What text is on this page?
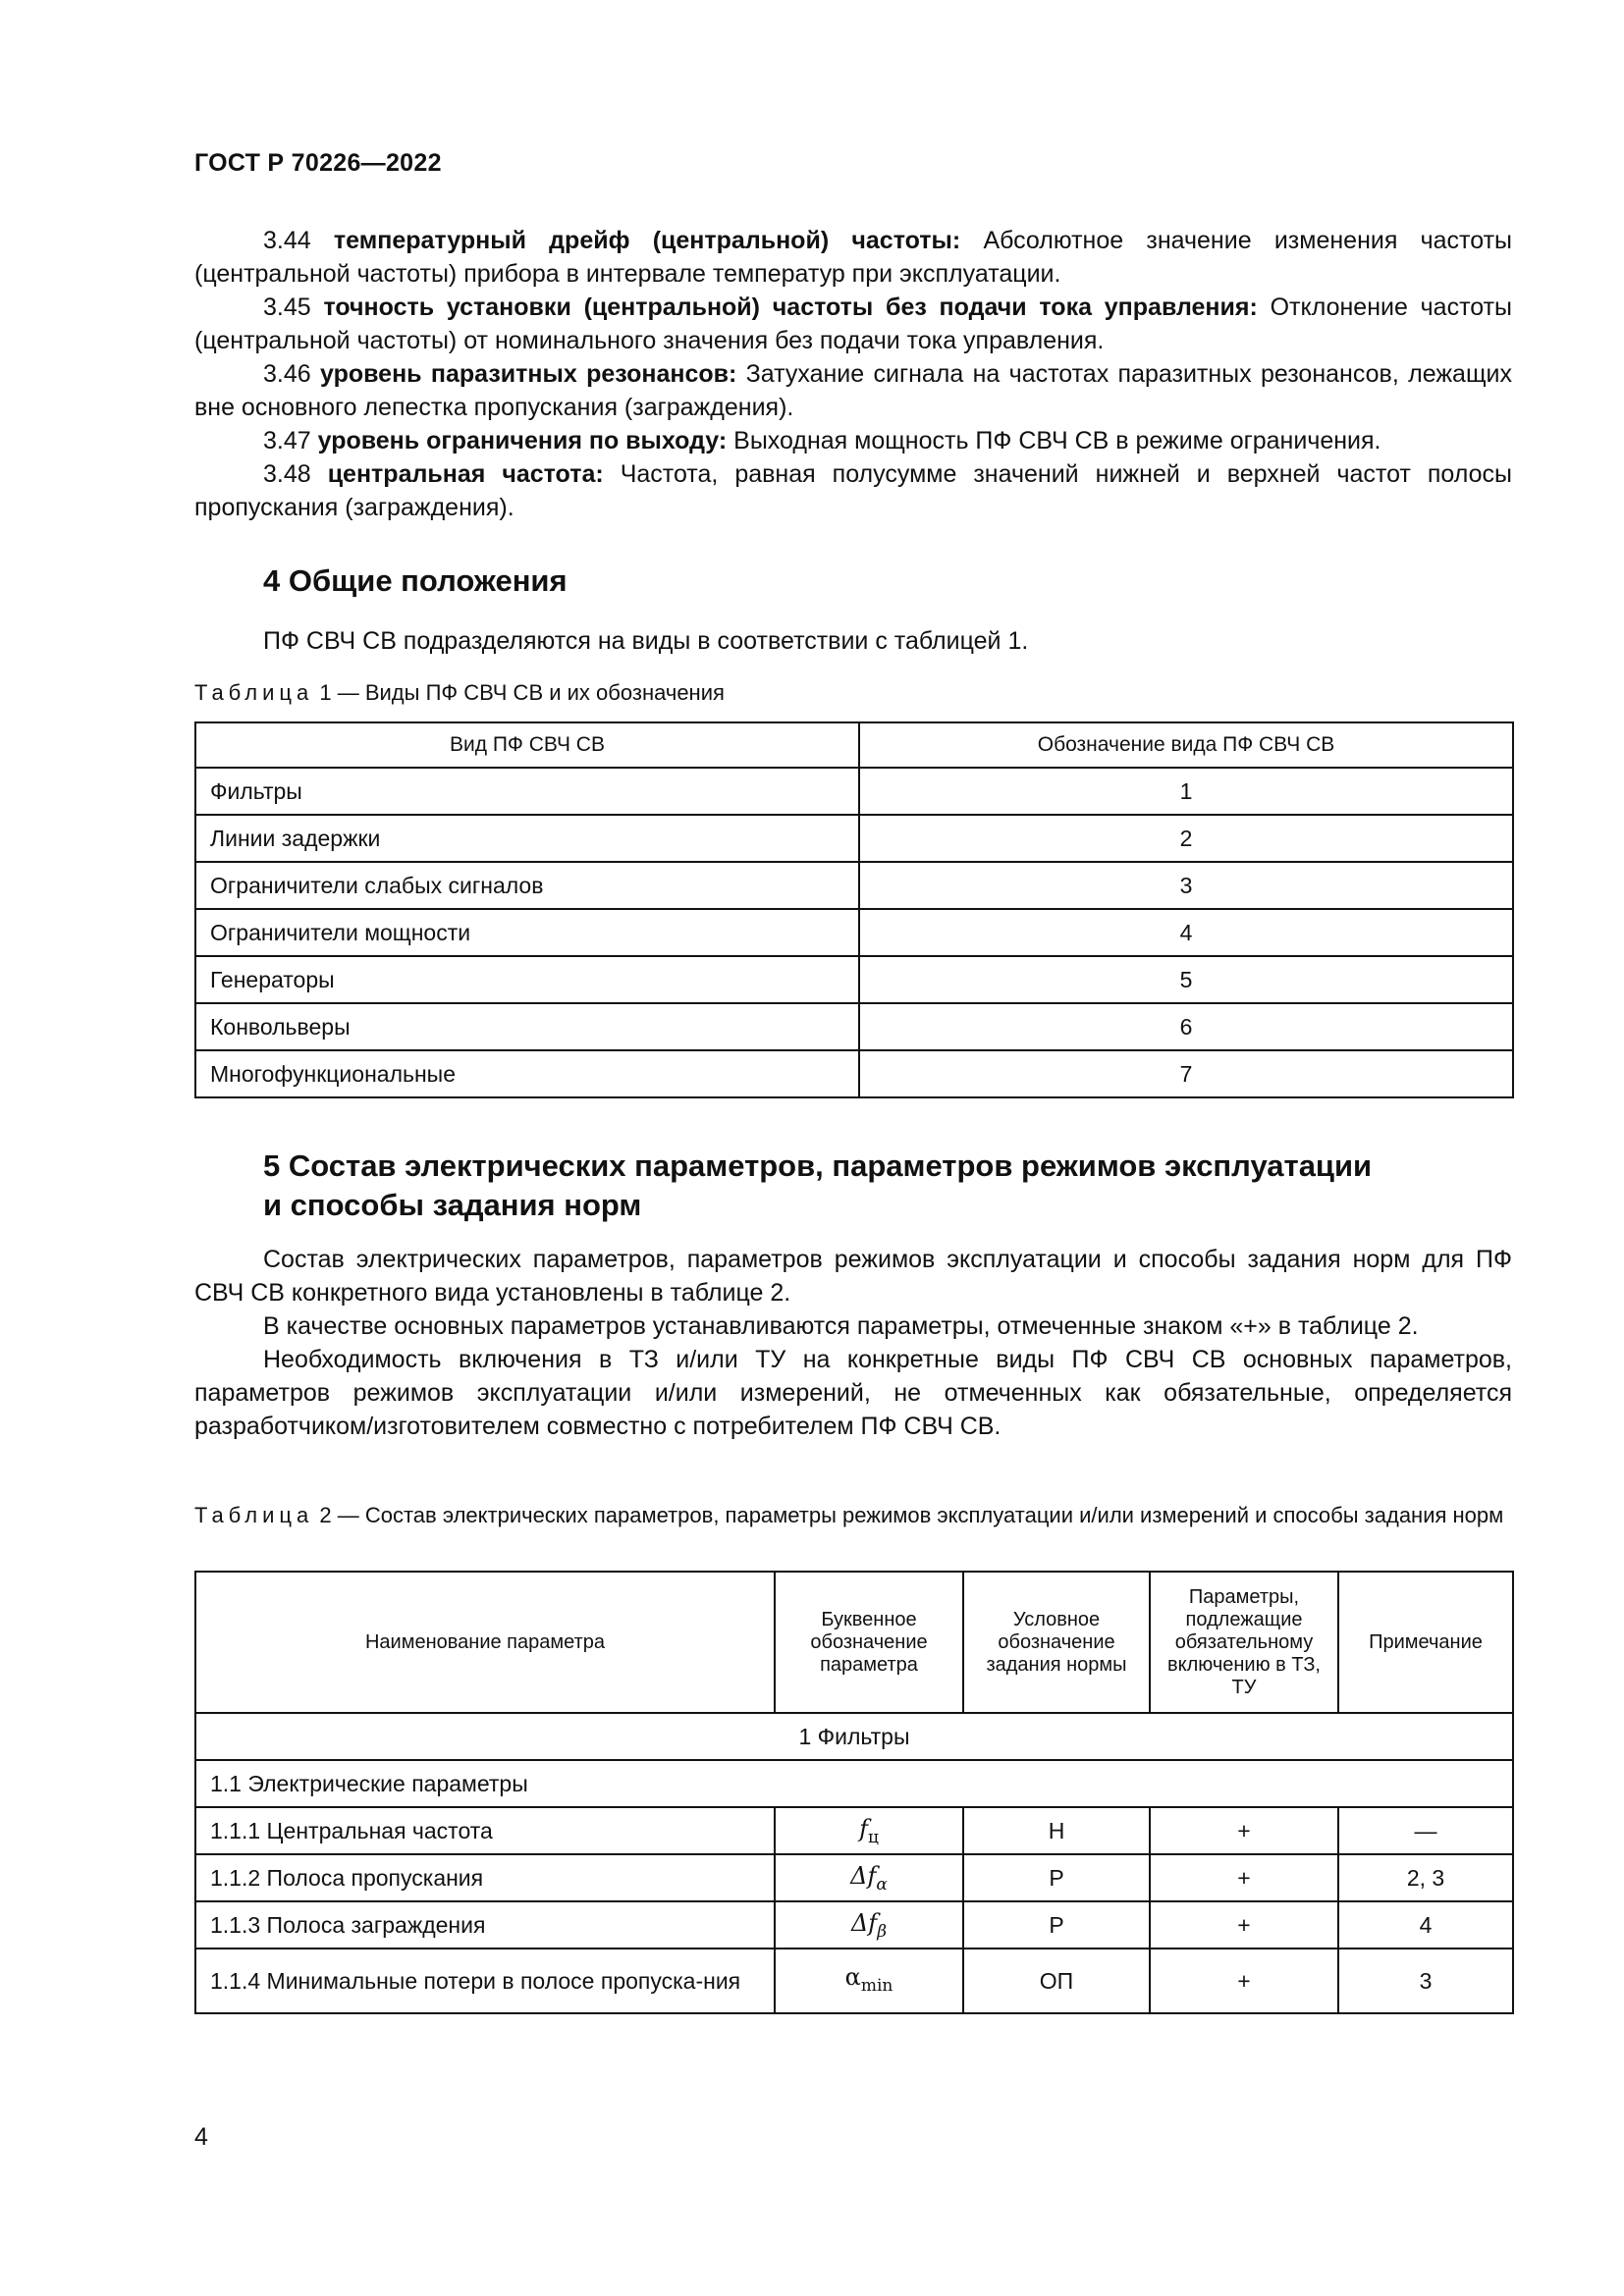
ГОСТ Р 70226—2022

3.44 температурный дрейф (центральной) частоты: Абсолютное значение изменения частоты (центральной частоты) прибора в интервале температур при эксплуатации.

3.45 точность установки (центральной) частоты без подачи тока управления: Отклонение частоты (центральной частоты) от номинального значения без подачи тока управления.

3.46 уровень паразитных резонансов: Затухание сигнала на частотах паразитных резонансов, лежащих вне основного лепестка пропускания (заграждения).

3.47 уровень ограничения по выходу: Выходная мощность ПФ СВЧ СВ в режиме ограничения.

3.48 центральная частота: Частота, равная полусумме значений нижней и верхней частот полосы пропускания (заграждения).

4 Общие положения

ПФ СВЧ СВ подразделяются на виды в соответствии с таблицей 1.

Таблица 1 — Виды ПФ СВЧ СВ и их обозначения
Вид ПФ СВЧ СВ	Обозначение вида ПФ СВЧ СВ
Фильтры	1
Линии задержки	2
Ограничители слабых сигналов	3
Ограничители мощности	4
Генераторы	5
Конвольверы	6
Многофункциональные	7
5 Состав электрических параметров, параметров режимов эксплуатации
и способы задания норм

Состав электрических параметров, параметров режимов эксплуатации и способы задания норм для ПФ СВЧ СВ конкретного вида установлены в таблице 2.

В качестве основных параметров устанавливаются параметры, отмеченные знаком «+» в таблице 2.

Необходимость включения в ТЗ и/или ТУ на конкретные виды ПФ СВЧ СВ основных параметров, параметров режимов эксплуатации и/или измерений, не отмеченных как обязательные, определяется разработчиком/изготовителем совместно с потребителем ПФ СВЧ СВ.

Таблица 2 — Состав электрических параметров, параметры режимов эксплуатации и/или измерений и способы задания норм
Наименование параметра	Буквенное обозначение параметра	Условное обозначение задания нормы	Параметры, подлежащие обязательному включению в ТЗ, ТУ	Примечание
1 Фильтры				
1.1 Электрические параметры				
1.1.1 Центральная частота	$f_ц$	Н	+	—
1.1.2 Полоса пропускания	$\Delta f_\alpha$	Р	+	2, 3
1.1.3 Полоса заграждения	$\Delta f_\beta$	Р	+	4
1.1.4 Минимальные потери в полосе пропуска-ния	$\alpha_{min}$	ОП	+	3
4
